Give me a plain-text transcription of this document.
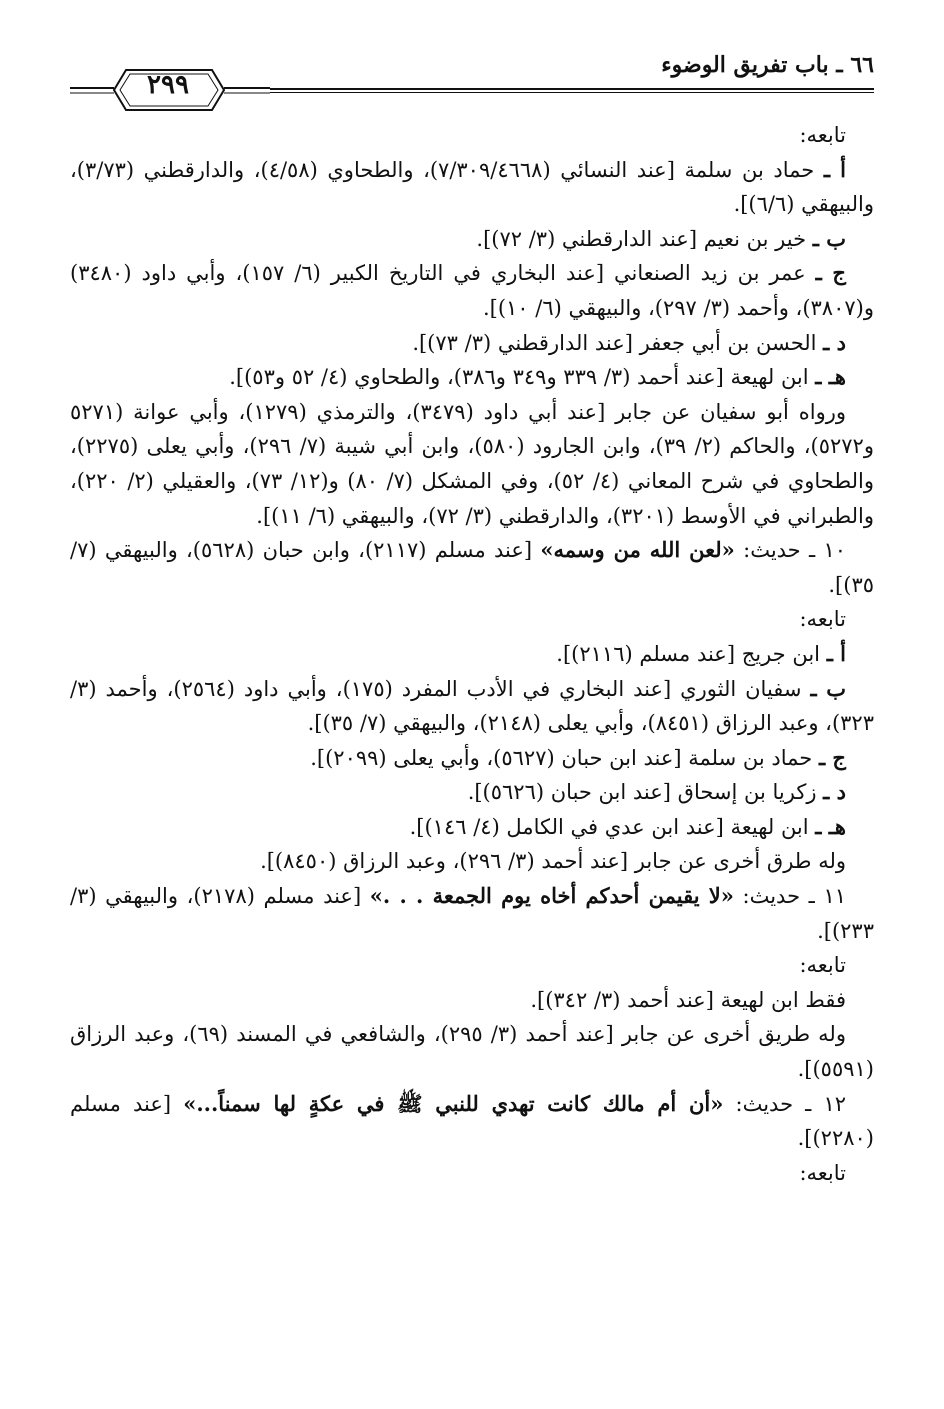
٦٦ ـ باب تفريق الوضوء
٢٩٩

تابعه:

أ ـ حماد بن سلمة [عند النسائي (٧/٣٠٩/٤٦٦٨)، والطحاوي (٤/٥٨)، والدارقطني (٣/٧٣)، والبيهقي (٦/٦)].

ب ـ خير بن نعيم [عند الدارقطني (٣/ ٧٢)].

ج ـ عمر بن زيد الصنعاني [عند البخاري في التاريخ الكبير (٦/ ١٥٧)، وأبي داود (٣٤٨٠) و(٣٨٠٧)، وأحمد (٣/ ٢٩٧)، والبيهقي (٦/ ١٠)].

د ـ الحسن بن أبي جعفر [عند الدارقطني (٣/ ٧٣)].

هـ ـ ابن لهيعة [عند أحمد (٣/ ٣٣٩ و٣٤٩ و٣٨٦)، والطحاوي (٤/ ٥٢ و٥٣)].

ورواه أبو سفيان عن جابر [عند أبي داود (٣٤٧٩)، والترمذي (١٢٧٩)، وأبي عوانة (٥٢٧١ و٥٢٧٢)، والحاكم (٢/ ٣٩)، وابن الجارود (٥٨٠)، وابن أبي شيبة (٧/ ٢٩٦)، وأبي يعلى (٢٢٧٥)، والطحاوي في شرح المعاني (٤/ ٥٢)، وفي المشكل (٧/ ٨٠) و(١٢/ ٧٣)، والعقيلي (٢/ ٢٢٠)، والطبراني في الأوسط (٣٢٠١)، والدارقطني (٣/ ٧٢)، والبيهقي (٦/ ١١)].

١٠ ـ حديث: «لعن الله من وسمه» [عند مسلم (٢١١٧)، وابن حبان (٥٦٢٨)، والبيهقي (٧/ ٣٥)].

تابعه:

أ ـ ابن جريج [عند مسلم (٢١١٦)].

ب ـ سفيان الثوري [عند البخاري في الأدب المفرد (١٧٥)، وأبي داود (٢٥٦٤)، وأحمد (٣/ ٣٢٣)، وعبد الرزاق (٨٤٥١)، وأبي يعلى (٢١٤٨)، والبيهقي (٧/ ٣٥)].

ج ـ حماد بن سلمة [عند ابن حبان (٥٦٢٧)، وأبي يعلى (٢٠٩٩)].

د ـ زكريا بن إسحاق [عند ابن حبان (٥٦٢٦)].

هـ ـ ابن لهيعة [عند ابن عدي في الكامل (٤/ ١٤٦)].

وله طرق أخرى عن جابر [عند أحمد (٣/ ٢٩٦)، وعبد الرزاق (٨٤٥٠)].

١١ ـ حديث: «لا يقيمن أحدكم أخاه يوم الجمعة . . .» [عند مسلم (٢١٧٨)، والبيهقي (٣/ ٢٣٣)].

تابعه:

فقط ابن لهيعة [عند أحمد (٣/ ٣٤٢)].

وله طريق أخرى عن جابر [عند أحمد (٣/ ٢٩٥)، والشافعي في المسند (٦٩)، وعبد الرزاق (٥٥٩١)].

١٢ ـ حديث: «أن أم مالك كانت تهدي للنبي ﷺ في عكةٍ لها سمناً...» [عند مسلم (٢٢٨٠)].

تابعه:
